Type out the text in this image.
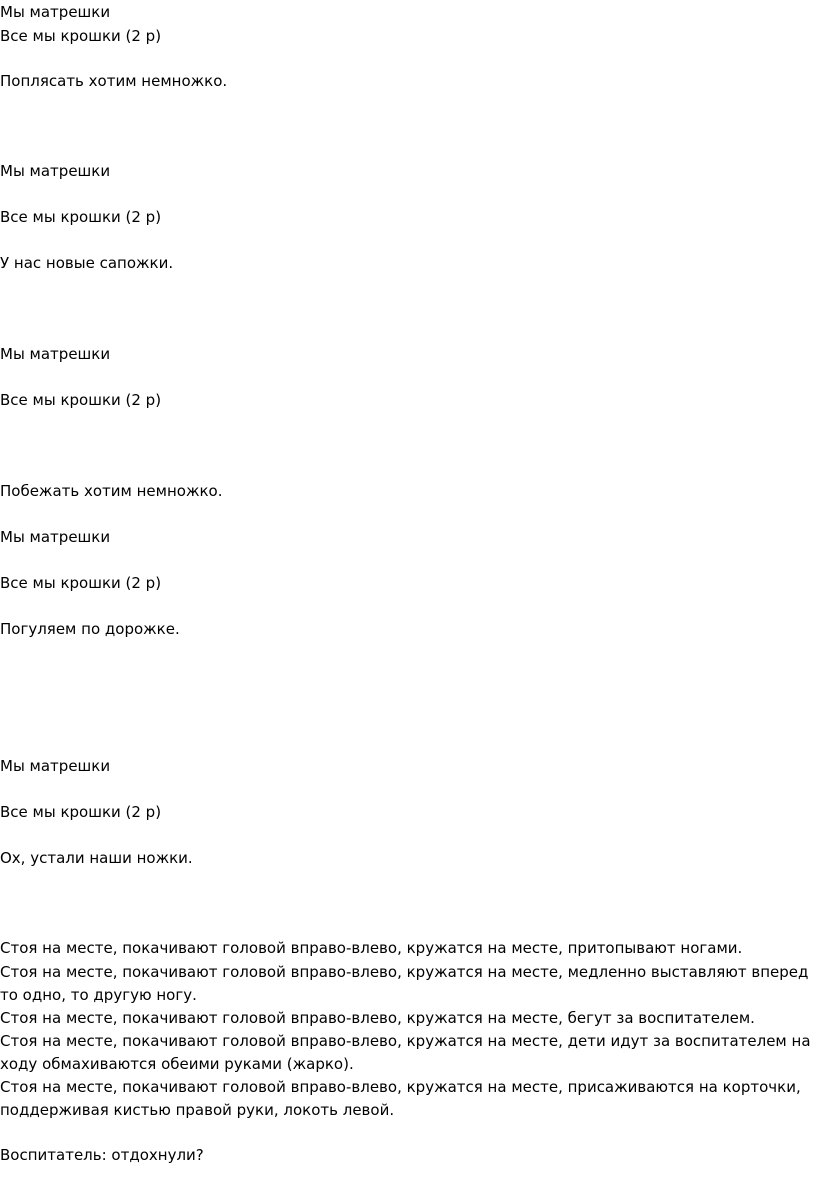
Мы матрешки
Все мы крошки (2 р)
Поплясать хотим немножко.
Мы матрешки
Все мы крошки (2 р)
У нас новые сапожки.
Мы матрешки
Все мы крошки (2 р)
Побежать хотим немножко.
Мы матрешки
Все мы крошки (2 р)
Погуляем по дорожке.
Мы матрешки
Все мы крошки (2 р)
Ох, устали наши ножки.
Стоя на месте, покачивают головой вправо-влево, кружатся на месте, притопывают ногами.
Стоя на месте, покачивают головой вправо-влево, кружатся на месте, медленно выставляют вперед то одно, то другую ногу.
Стоя на месте, покачивают головой вправо-влево, кружатся на месте, бегут за воспитателем.
Стоя на месте, покачивают головой вправо-влево, кружатся на месте, дети идут за воспитателем на ходу обмахиваются обеими руками (жарко).
Стоя на месте, покачивают головой вправо-влево, кружатся на месте, присаживаются на корточки, поддерживая кистью правой руки, локоть левой.
Воспитатель: отдохнули?
